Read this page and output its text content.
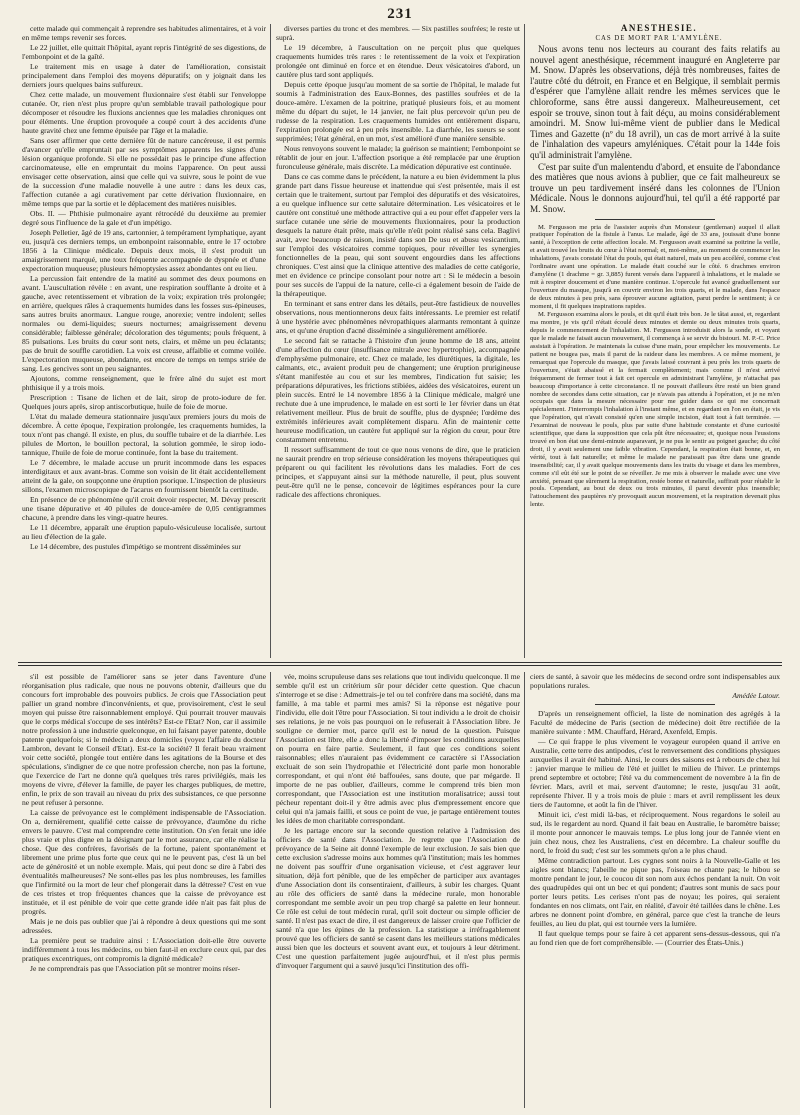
231

cette malade qui commençait à reprendre ses habitudes alimentaires, et à voir en même temps revenir ses forces.

Le 22 juillet, elle quittait l'hôpital, ayant repris l'intégrité de ses digestions, de l'embonpoint et de la gaîté.

Le traitement mis en usage à dater de l'amélioration, consistait principalement dans l'emploi des moyens dépuratifs; on y joignait dans les derniers jours quelques bains sulfureux.

Chez cette malade, un mouvement fluxionnaire s'est établi sur l'enveloppe cutanée. Or, rien n'est plus propre qu'un semblable travail pathologique pour décomposer et résoudre les fluxions anciennes que les maladies chroniques ont pour éléments. Une éruption provoquée a coupé court à des accidents d'une haute gravité chez une femme épuisée par l'âge et la maladie.

Sans oser affirmer que cette dernière fût de nature cancéreuse, il est permis d'avancer qu'elle empruntait par ses symptômes apparents les signes d'une lésion organique profonde. Si elle ne possédait pas le principe d'une affection carcinomateuse, elle en empruntait du moins l'apparence. On peut aussi envisager cette observation, ainsi que celle qui va suivre, sous le point de vue de la succession d'une maladie nouvelle à une autre : dans les deux cas, l'affection cutanée a agi curativement par cette dérivation fluxionnaire, en même temps que par la sortie et le déplacement des matières nuisibles.

Obs. II. — Phthisie pulmonaire ayant rétrocédé du deuxième au premier degré sous l'influence de la gale et d'un impétigo.

Joseph Pelletier, âgé de 19 ans, cartonnier, à tempérament lymphatique, ayant eu, jusqu'à ces derniers temps, un embonpoint raisonnable, entre le 17 octobre 1856 à la Clinique médicale. Depuis deux mois, il s'est produit un amaigrissement marqué, une toux fréquente accompagnée de dyspnée et d'une expectoration muqueuse; plusieurs hémoptysies assez abondantes ont eu lieu.

La percussion fait entendre de la matité au sommet des deux poumons en avant. L'auscultation révèle : en avant, une respiration soufflante à droite et à gauche, avec retentissement et vibration de la voix; expiration très prolongée; en arrière, quelques râles à craquements humides dans les fosses sus-épineuses, sans autres bruits anormaux. Langue rouge, anorexie; ventre indolent; selles normales ou demi-liquides; sueurs nocturnes; amaigrissement devenu considérable; faiblesse générale; décoloration des téguments; pouls fréquent, à 85 pulsations. Les bruits du cœur sont nets, clairs, et même un peu éclatants; pas de bruit de souffle carotidien. La voix est creuse, affaiblie et comme voilée. L'expectoration muqueuse, abondante, est encore de temps en temps striée de sang. Les gencives sont un peu saignantes.

Ajoutons, comme renseignement, que le frère aîné du sujet est mort phthisique il y a trois mois.

Prescription : Tisane de lichen et de lait, sirop de proto-iodure de fer. Quelques jours après, sirop antiscorbutique, huile de foie de morue.

L'état du malade demeura stationnaire jusqu'aux premiers jours du mois de décembre. À cette époque, l'expiration prolongée, les craquements humides, la toux n'ont pas changé. Il existe, en plus, du souffle tubaire et de la diarrhée. Les pilules de Morton, le bouillon pectoral, la solution gommée, le sirop iodo-tannique, l'huile de foie de morue continuée, font la base du traitement.

Le 7 décembre, le malade accuse un prurit incommode dans les espaces interdigitaux et aux avant-bras. Comme son voisin de lit était accidentellement atteint de la gale, on soupçonne une éruption psorique. L'inspection de plusieurs sillons, l'examen microscopique de l'acarus en fournissent bientôt la certitude.

En présence de ce phénomène qu'il croit devoir respecter, M. Dévay prescrit une tisane dépurative et 40 pilules de douce-amère de 0,05 centigrammes chacune, à prendre dans les vingt-quatre heures.

Le 11 décembre, apparaît une éruption papulo-vésiculeuse localisée, surtout au lieu d'élection de la gale.

Le 14 décembre, des pustules d'impétigo se montrent disséminées sur

diverses parties du tronc et des membres. — Six pastilles soufrées; le reste ut suprà.

Le 19 décembre, à l'auscultation on ne perçoit plus que quelques craquements humides très rares : le retentissement de la voix et l'expiration prolongée ont diminué en force et en étendue. Deux vésicatoires d'abord, un cautère plus tard sont appliqués.

Depuis cette époque jusqu'au moment de sa sortie de l'hôpital, le malade fut soumis à l'administration des Eaux-Bonnes, des pastilles soufrées et de la douce-amère. L'examen de la poitrine, pratiqué plusieurs fois, et au moment même du départ du sujet, le 14 janvier, ne fait plus percevoir qu'un peu de rudesse de la respiration. Les craquements humides ont entièrement disparu, l'expiration prolongée est à peu près insensible. La diarrhée, les sueurs se sont supprimées; l'état général, en un mot, s'est amélioré d'une manière sensible.

Nous renvoyons souvent le malade; la guérison se maintient; l'embonpoint se rétablit de jour en jour. L'affection psorique a été remplacée par une éruption furonculeuse générale, mais discrète. La médication dépurative est continuée.

Dans ce cas comme dans le précédent, la nature a eu bien évidemment la plus grande part dans l'issue heureuse et inattendue qui s'est présentée, mais il est certain que le traitement, surtout par l'emploi des dépuratifs et des vésicatoires, a eu quelque influence sur cette salutaire détermination. Les vésicatoires et le cautère ont constitué une méthode attractive qui a eu pour effet d'appeler vers la surface cutanée une série de mouvements fluxionnaires, pour la production desquels la nature était prête, mais qu'elle n'eût point réalisé sans cela. Baglivi avait, avec beaucoup de raison, insisté dans son De usu et abusu vesicantium, sur l'emploi des vésicatoires comme topiques, pour réveiller les synergies fonctionnelles de la peau, qui sont souvent engourdies dans les affections chroniques. C'est ainsi que la clinique attentive des maladies de cette catégorie, met en évidence ce principe consolant pour notre art : Si le médecin a besoin pour ses succès de l'appui de la nature, celle-ci a également besoin de l'aide de la thérapeutique.

En terminant et sans entrer dans les détails, peut-être fastidieux de nouvelles observations, nous mentionnerons deux faits intéressants. Le premier est relatif à une hystérie avec phénomènes névropathiques alarmants remontant à quinze ans, et qu'une éruption d'acné disséminée a singulièrement améliorée.

Le second fait se rattache à l'histoire d'un jeune homme de 18 ans, atteint d'une affection du cœur (insuffisance mitrale avec hypertrophie), accompagnée d'emphysème pulmonaire, etc. Chez ce malade, les diurétiques, la digitale, les calmants, etc., avaient produit peu de changement; une éruption prurigineuse s'étant manifestée au cou et sur les membres, l'indication fut saisie; les préparations dépuratives, les frictions stibiées, aidées des vésicatoires, eurent un plein succès. Entré le 14 novembre 1856 à la Clinique médicale, malgré une rechute due à une imprudence, le malade en est sorti le 1er février dans un état relativement meilleur. Plus de bruit de souffle, plus de dyspnée; l'œdème des extrémités inférieures avait complètement disparu. Afin de maintenir cette heureuse modification, un cautère fut appliqué sur la région du cœur, pour être constamment entretenu.

Il ressort suffisamment de tout ce que nous venons de dire, que le praticien ne saurait prendre en trop sérieuse considération les moyens thérapeutiques qui préparent ou qui facilitent les révolutions dans les maladies. Fort de ces principes, et s'appuyant ainsi sur la méthode naturelle, il peut, plus souvent peut-être qu'il ne le pense, concevoir de légitimes espérances pour la cure radicale des affections chroniques.

ANESTHÉSIE.

CAS DE MORT PAR L'AMYLÈNE.

Nous avons tenu nos lecteurs au courant des faits relatifs au nouvel agent anesthésique, récemment inauguré en Angleterre par M. Snow. D'après les observations, déjà très nombreuses, faites de l'autre côté du détroit, en France et en Belgique, il semblait permis d'espérer que l'amylène allait rendre les mêmes services que le chloroforme, sans être aussi dangereux. Malheureusement, cet espoir se trouve, sinon tout à fait déçu, au moins considérablement amoindri. M. Snow lui-même vient de publier dans le Medical Times and Gazette (nº du 18 avril), un cas de mort arrivé à la suite de l'inhalation des vapeurs amyléniques. C'était pour la 144e fois qu'il administrait l'amylène.

C'est par suite d'un malentendu d'abord, et ensuite de l'abondance des matières que nous avions à publier, que ce fait malheureux se trouve un peu tardivement inséré dans les colonnes de l'Union Médicale. Nous le donnons aujourd'hui, tel qu'il a été rapporté par M. Snow.

M. Fergusson me pria de l'assister auprès d'un Monsieur (gentleman) auquel il allait pratiquer l'opération de la fistule à l'anus. Le malade, âgé de 33 ans, jouissait d'une bonne santé, à l'exception de cette affection locale. M. Fergusson avait examiné sa poitrine la veille, et avait trouvé les bruits du cœur à l'état normal; et, moi-même, au moment de commencer les inhalations, j'avais constaté l'état du pouls, qui était naturel, mais un peu accéléré, comme c'est l'ordinaire avant une opération. Le malade était couché sur le côté. 6 drachmes environ d'amylène (1 drachme = gr. 3,885) furent versés dans l'appareil à inhalations, et le malade se mit à respirer doucement et d'une manière continue. L'opercule fut avancé graduellement sur l'ouverture du masque, jusqu'à en couvrir environ les trois quarts, et le malade, dans l'espace de deux minutes à peu près, sans éprouver aucune agitation, parut perdre le sentiment; à ce moment, il fit quelques inspirations rapides.

M. Fergusson examina alors le pouls, et dit qu'il était très bon. Je le tâtai aussi, et, regardant ma montre, je vis qu'il n'était écoulé deux minutes et demie ou deux minutes trois quarts, depuis le commencement de l'inhalation. M. Fergusson introduisit alors la sonde, et voyant que le malade ne faisait aucun mouvement, il commença à se servir du bistouri. M. P.-C. Price assistait à l'opération. Je maintenais la cuisse d'une main, pour empêcher les mouvements. Le patient ne bougea pas, mais il parut de la raideur dans les membres. A ce même moment, je remarquai que l'opercule du masque, que j'avais laissé couvrant à peu près les trois quarts de l'ouverture, s'était abaissé et la fermait complètement; mais comme il m'est arrivé fréquemment de fermer tout à fait cet opercule en administrant l'amylène, je n'attachai pas beaucoup d'importance à cette circonstance. Il ne pouvait d'ailleurs être resté un bien grand nombre de secondes dans cette situation, car je n'avais pas attendu à l'opération, et je ne m'en occupais que dans la mesure nécessaire pour me guider dans ce qui me concernait spécialement. J'interrompis l'inhalation à l'instant même, et en regardant en l'on en était, je vis que l'opération, qui n'avait consisté qu'en une simple incision, était tout à fait terminée. — J'examinai de nouveau le pouls, plus par suite d'une habitude constante et d'une curiosité scientifique, que dans la supposition que cela pût être nécessaire; et, quoique nous l'eussions trouvé en bon état une demi-minute auparavant, je ne pus le sentir au poignet gauche; du côté droit, il y avait seulement une faible vibration. Cependant, la respiration était bonne, et, en vérité, tout à fait naturelle; et même le malade ne paraissait pas être dans une grande insensibilité; car, il y avait quelque mouvements dans les traits du visage et dans les membres, comme s'il eût été sur le point de se réveiller. Je me mis à observer le malade avec une vive anxiété, pensant que sûrement la respiration, restée bonne et naturelle, suffirait pour rétablir le pouls. Cependant, au bout de deux ou trois minutes, il parut devenir plus insensible; l'attouchement des paupières n'y provoquait aucun mouvement, et la respiration devenait plus lente.

s'il est possible de l'améliorer sans se jeter dans l'aventure d'une réorganisation plus radicale, que nous ne pouvons obtenir, d'ailleurs que du concours fort improbable des pouvoirs publics. Je crois que l'Association peut pallier un grand nombre d'inconvénients, et que, provisoirement, c'est le seul moyen qui puisse être raisonnablement employé. Qui pourrait trouver mauvais que le corps médical s'occupe de ses intérêts? Est-ce l'Etat? Non, car il assimile notre profession à une industrie quelconque, en lui faisant payer patente, double patente quelquefois; si le médecin a deux domiciles (voyez l'affaire du docteur Lambron, devant le Conseil d'Etat). Est-ce la société? Il ferait beau vraiment voir cette société, plongée tout entière dans les agitations de la Bourse et des spéculations, s'indigner de ce que notre profession cherche, non pas la fortune, que l'exercice de l'art ne donne qu'à quelques très rares privilégiés, mais les moyens de vivre, d'élever la famille, de payer les charges publiques, de mettre, enfin, le prix de son travail au niveau du prix des subsistances, ce que personne ne peut refuser à personne.

La caisse de prévoyance est le complément indispensable de l'Association. On a, dernièrement, qualifié cette caisse de prévoyance, d'aumône du riche envers le pauvre. C'est mal comprendre cette institution. On s'en ferait une idée plus vraie et plus digne en la désignant par le mot assurance, car elle réalise la chose. Que des confrères, favorisés de la fortune, paient spontanément et librement une prime plus forte que ceux qui ne le peuvent pas, c'est là un bel acte de générosité et un noble exemple. Mais, qui peut donc se dire à l'abri des éventualités malheureuses? Ne sont-elles pas les plus nombreuses, les familles que l'infirmité ou la mort de leur chef plongerait dans la détresse? C'est en vue de ces tristes et trop fréquentes chances que la caisse de prévoyance est instituée, et il est pénible de voir que cette grande idée n'ait pas fait plus de progrès.

Mais je ne dois pas oublier que j'ai à répondre à deux questions qui me sont adressées.

La première peut se traduire ainsi : L'Association doit-elle être ouverte indifféremment à tous les médecins, ou bien faut-il en exclure ceux qui, par des pratiques excentriques, ont compromis la dignité médicale?

Je ne comprendrais pas que l'Association pût se montrer moins réser-

vée, moins scrupuleuse dans ses relations que tout individu quelconque. Il me semble qu'il est un critérium sûr pour décider cette question. Que chacun s'interroge et se dise : Admettrais-je tel ou tel confrère dans ma société, dans ma famille, à ma table et parmi mes amis? Si la réponse est négative pour l'individu, elle doit l'être pour l'Association. Si tout individu a le droit de choisir ses relations, je ne vois pas pourquoi on le refuserait à l'Association libre. Je souligne ce dernier mot, parce qu'il est le nœud de la question. Puisque l'Association est libre, elle a donc la liberté d'imposer les conditions auxquelles on pourra en faire partie. Seulement, il faut que ces conditions soient raisonnables; elles n'auraient pas évidemment ce caractère si l'Association excluait de son sein l'hydropathie et l'électricité dont parle mon honorable correspondant, et qui n'ont été baffouées, sans doute, que par mégarde. Il importe de ne pas oublier, d'ailleurs, comme le comprend très bien mon correspondant, que l'Association est une institution moralisatrice; aussi tout pécheur repentant doit-il y être admis avec plus d'empressement encore que celui qui n'a jamais failli, et sous ce point de vue, je partage entièrement toutes les idées de mon charitable correspondant.

Je les partage encore sur la seconde question relative à l'admission des officiers de santé dans l'Association. Je regrette que l'Association de prévoyance de la Seine ait donné l'exemple de leur exclusion. Je sais bien que cette exclusion s'adresse moins aux hommes qu'à l'institution; mais les hommes ne doivent pas souffrir d'une organisation vicieuse, et c'est aggraver leur situation, déjà fort pénible, que de les empêcher de participer aux avantages d'une Association dont ils consentiraient, d'ailleurs, à subir les charges. Quant au rôle des officiers de santé dans la médecine rurale, mon honorable correspondant me semble avoir un peu trop chargé sa palette en leur honneur. Ce rôle est celui de tout médecin rural, qu'il soit docteur ou simple officier de santé. Il n'est pas exact de dire, il est dangereux de laisser croire que l'officier de santé n'a que les épines de la profession. La statistique a irréfragablement prouvé que les officiers de santé se casent dans les meilleurs stations médicales aussi bien que les docteurs et souvent avant eux, et toujours à leur détriment. C'est une question parfaitement jugée aujourd'hui, et il n'est plus permis d'invoquer l'argument qui a sauvé jusqu'ici l'institution des offi-

ciers de santé, à savoir que les médecins de second ordre sont indispensables aux populations rurales.

Amédée Latour.

D'après un renseignement officiel, la liste de nomination des agrégés à la Faculté de médecine de Paris (section de médecine) doit être rectifiée de la manière suivante : MM. Chauffard, Hérard, Axenfeld, Empis.

— Ce qui frappe le plus vivement le voyageur européen quand il arrive en Australie, cette terre des antipodes, c'est le renversement des conditions physiques auxquelles il avait été habitué. Ainsi, le cours des saisons est à rebours de chez lui : janvier marque le milieu de l'été et juillet le milieu de l'hiver. Le printemps prend septembre et octobre; l'été va du commencement de novembre à la fin de février. Mars, avril et mai, servent d'automne; le reste, jusqu'au 31 août, représente l'hiver. Il y a trois mois de pluie : mars et avril remplissent les deux tiers de l'automne, et août la fin de l'hiver.

Minuit ici, c'est midi là-bas, et réciproquement. Nous regardons le soleil au sud, ils le regardent au nord. Quand il fait beau en Australie, le baromètre baisse; il monte pour annoncer le mauvais temps. Le plus long jour de l'année vient en juin chez nous, chez les Australiens, c'est en décembre. La chaleur souffle du nord, le froid du sud; c'est sur les sommets qu'on a le plus chaud.

Même contradiction partout. Les cygnes sont noirs à la Nouvelle-Galle et les aigles sont blancs; l'abeille ne pique pas, l'oiseau ne chante pas; le hibou se montre pendant le jour, le coucou dit son nom aux échos pendant la nuit. On voit des quadrupèdes qui ont un bec et qui pondent; d'autres sont munis de sacs pour porter leurs petits. Les cerises n'ont pas de noyau; les poires, qui seraient fondantes en nos climats, ont l'air, en réalité, d'avoir été taillées dans le chêne. Les arbres ne donnent point d'ombre, en général, parce que c'est la tranche de leurs feuilles, au lieu du plat, qui est tournée vers la lumière.

Il faut quelque temps pour se faire à cet apparent sens-dessus-dessous, qui n'a au fond rien que de fort compréhensible. — (Courrier des États-Unis.)
